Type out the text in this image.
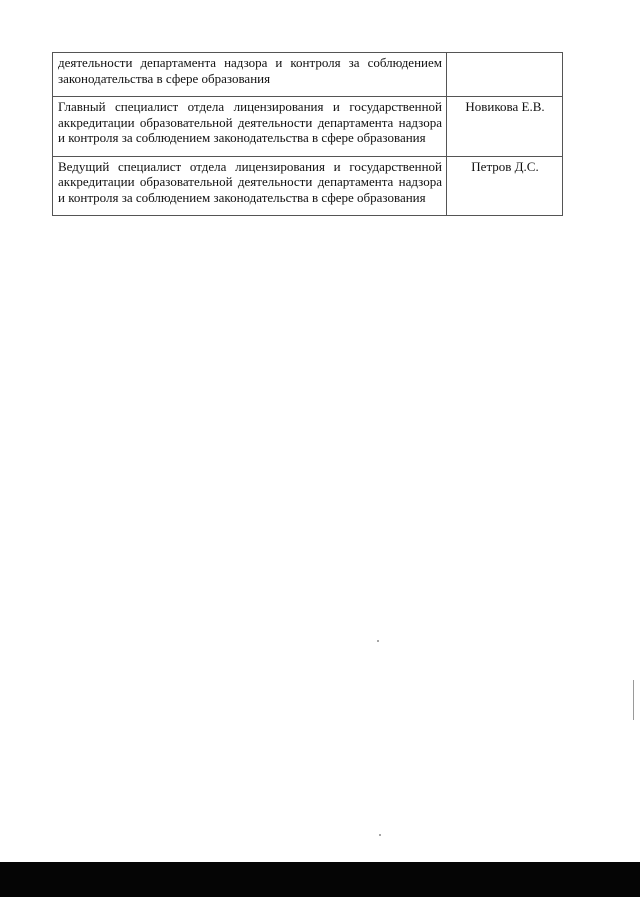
деятельности департамента надзора и контроля за соблюдением законодательства в сфере образования	
Главный специалист отдела лицензирования и государственной аккредитации образовательной деятельности департамента надзора и контроля за соблюдением законодательства в сфере образования	Новикова Е.В.
Ведущий специалист отдела лицензирования и государственной аккредитации образовательной деятельности департамента надзора и контроля за соблюдением законодательства в сфере образования	Петров Д.С.
